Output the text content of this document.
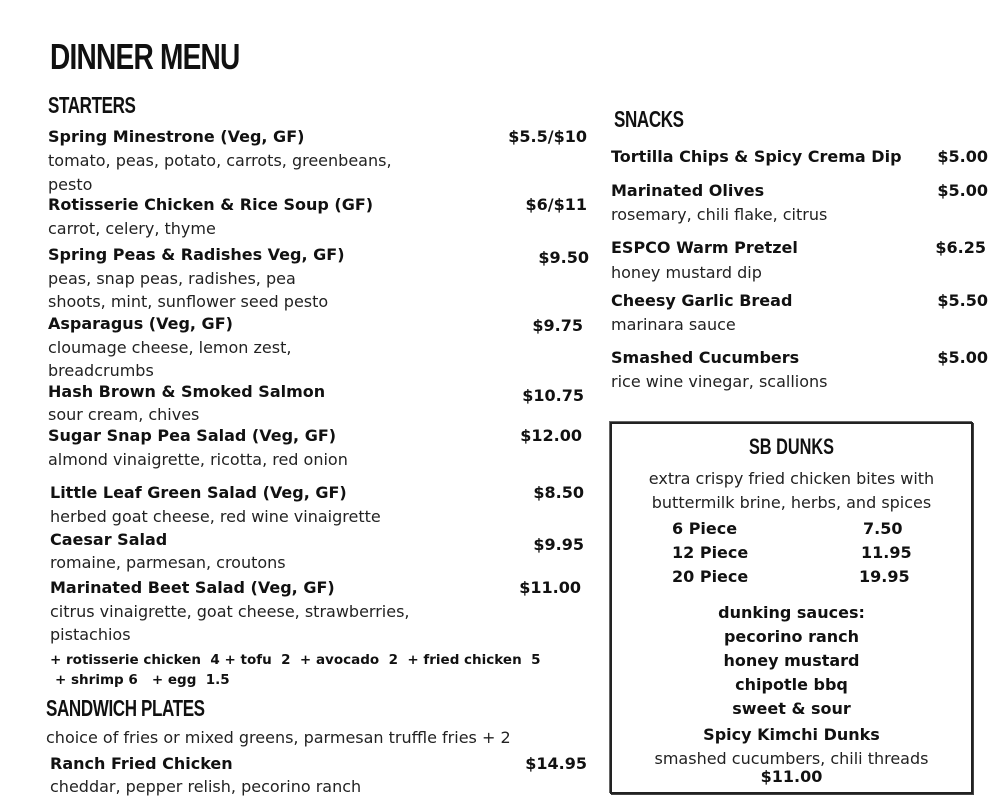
DINNER MENU
STARTERS
Spring Minestrone (Veg, GF)	$5.5/$10
tomato, peas, potato, carrots, greenbeans,
pesto
Rotisserie Chicken & Rice Soup (GF)	$6/$11
carrot, celery, thyme
Spring Peas & Radishes Veg, GF)	$9.50
peas, snap peas, radishes, pea
shoots, mint, sunflower seed pesto
Asparagus (Veg, GF)	$9.75
cloumage cheese, lemon zest,
breadcrumbs
Hash Brown & Smoked Salmon	$10.75
sour cream, chives
Sugar Snap Pea Salad (Veg, GF)	$12.00
almond vinaigrette, ricotta, red onion
Little Leaf Green Salad (Veg, GF)	$8.50
herbed goat cheese, red wine vinaigrette
Caesar Salad	$9.95
romaine, parmesan, croutons
Marinated Beet Salad (Veg, GF)	$11.00
citrus vinaigrette, goat cheese, strawberries,
pistachios
+ rotisserie chicken  4 + tofu  2  + avocado  2  + fried chicken  5
+ shrimp 6   + egg  1.5
SANDWICH PLATES
choice of fries or mixed greens, parmesan truffle fries + 2
Ranch Fried Chicken	$14.95
cheddar, pepper relish, pecorino ranch
SNACKS
Tortilla Chips & Spicy Crema Dip $5.00
Marinated Olives	$5.00
rosemary, chili flake, citrus
ESPCO Warm Pretzel	$6.25
honey mustard dip
Cheesy Garlic Bread	$5.50
marinara sauce
Smashed Cucumbers	$5.00
rice wine vinegar, scallions
SB DUNKS
extra crispy fried chicken bites with
buttermilk brine, herbs, and spices
6 Piece	7.50
12 Piece	11.95
20 Piece	19.95
dunking sauces:
pecorino ranch
honey mustard
chipotle bbq
sweet & sour
Spicy Kimchi Dunks
smashed cucumbers, chili threads
$11.00
